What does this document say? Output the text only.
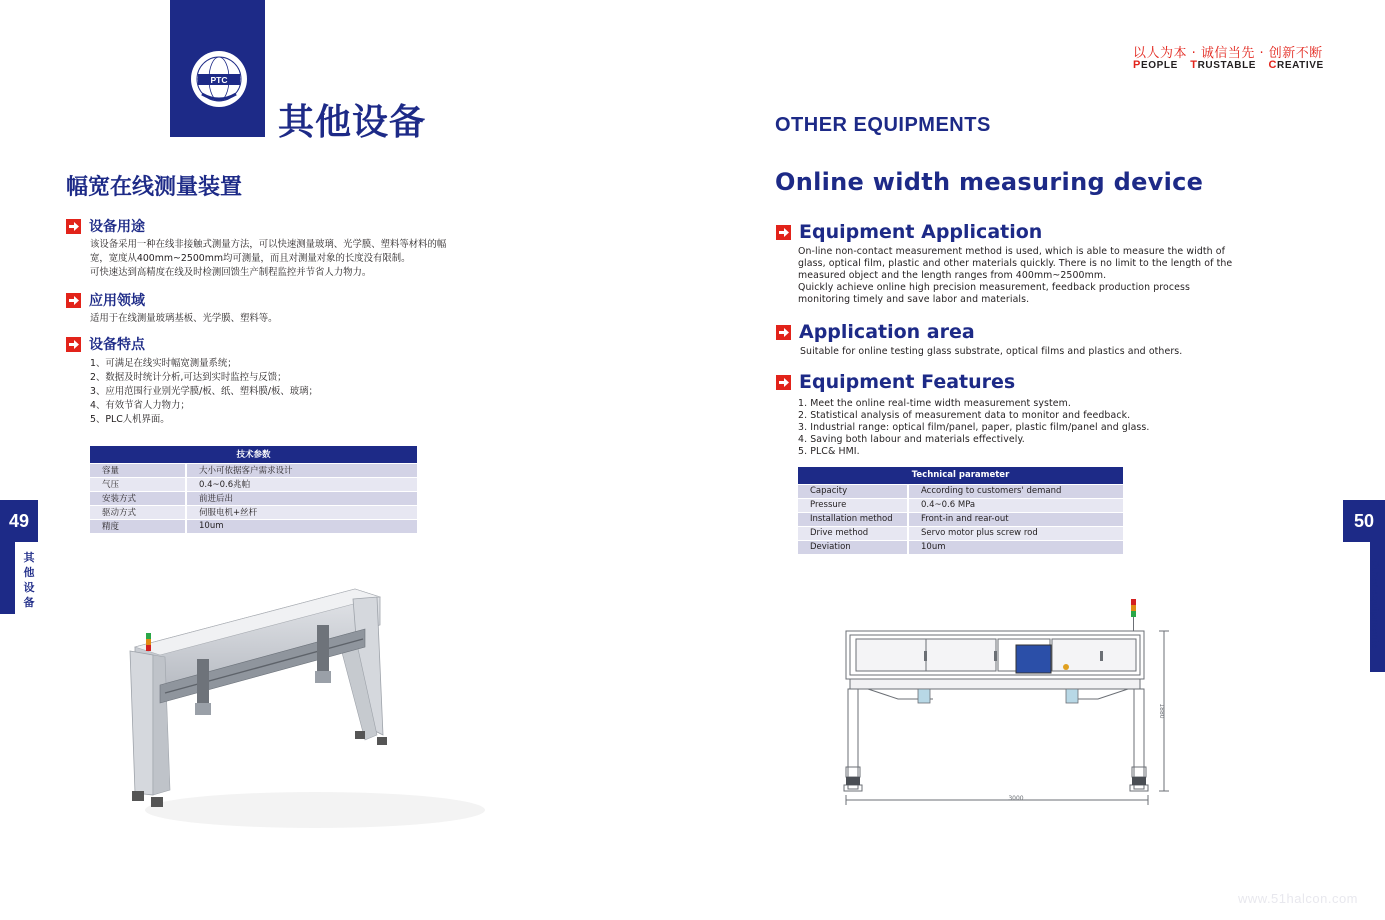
PTC
其他设备	OTHER EQUIPMENTS
以人为本 · 诚信当先 · 创新不断
PEOPLE TRUSTABLE CREATIVE
幅宽在线测量装置
设备用途
该设备采用一种在线非接触式测量方法，可以快速测量玻璃、光学膜、塑料等材料的幅
宽，宽度从400mm~2500mm均可测量，而且对测量对象的长度没有限制。
可快速达到高精度在线及时检测回馈生产制程监控并节省人力物力。
应用领域
适用于在线测量玻璃基板、光学膜、塑料等。
设备特点
1、可满足在线实时幅宽测量系统；
2、数据及时统计分析,可达到实时监控与反馈；
3、应用范围行业别光学膜/板、纸、塑料膜/板、玻璃；
4、有效节省人力物力；
5、PLC人机界面。
技术参数	
容量	大小可依据客户需求设计
气压	0.4~0.6兆帕
安装方式	前进后出
驱动方式	伺服电机+丝杆
精度	10um
49
其
他
设
备
Online width measuring device
Equipment Application
On-line non-contact measurement method is used, which is able to measure the width of
glass, optical film, plastic and other materials quickly. There is no limit to the length of the
measured object and the length ranges from 400mm~2500mm.
Quickly achieve online high precision measurement, feedback production process
monitoring timely and save labor and materials.
Application area
Suitable for online testing glass substrate, optical films and plastics and others.
Equipment Features
1. Meet the online real-time width measurement system.
2. Statistical analysis of measurement data to monitor and feedback.
3. Industrial range: optical film/panel, paper, plastic film/panel and glass.
4. Saving both labour and materials effectively.
5. PLC& HMI.
Technical parameter	
Capacity	According to customers' demand
Pressure	0.4~0.6 MPa
Installation method	Front-in and rear-out
Drive method	Servo motor plus screw rod
Deviation	10um
3000
1880
50
Other equipments
www.51halcon.com
